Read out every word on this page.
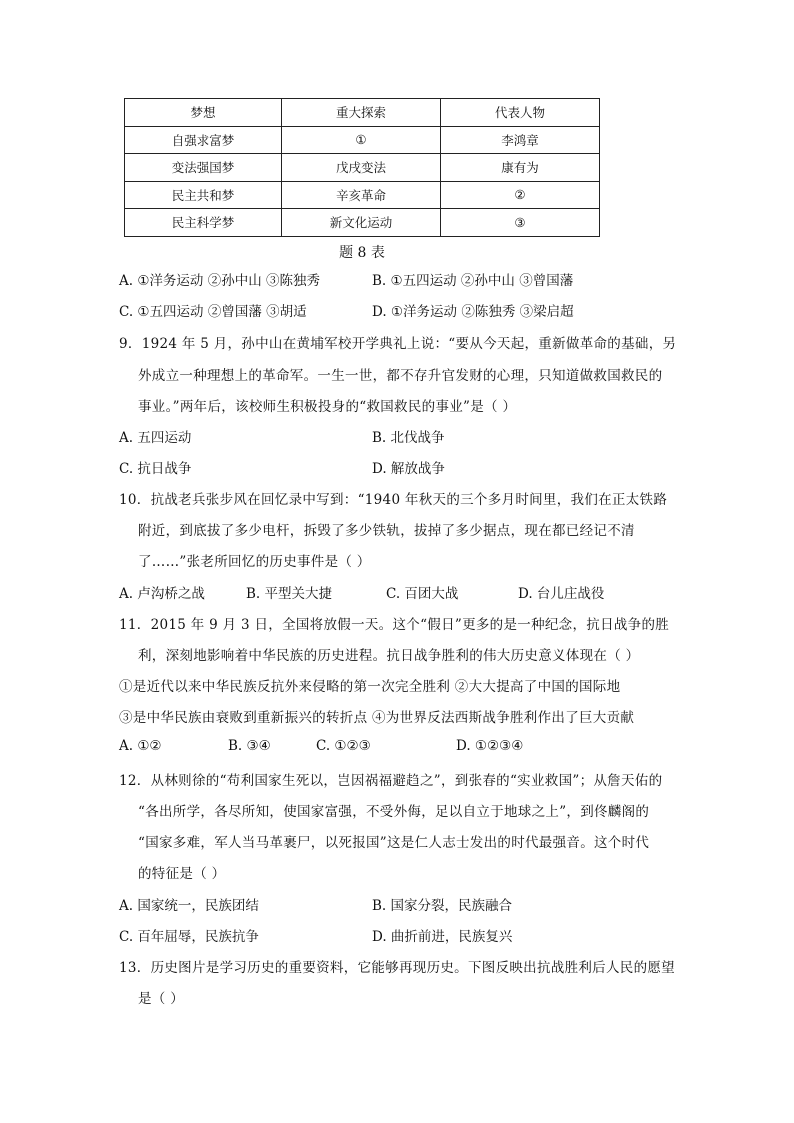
梦想	重大探索	代表人物
自强求富梦	①	李鸿章
变法强国梦	戊戌变法	康有为
民主共和梦	辛亥革命	②
民主科学梦	新文化运动	③
题 8 表
A. ①洋务运动 ②孙中山 ③陈独秀	B. ①五四运动 ②孙中山 ③曾国藩
C. ①五四运动 ②曾国藩 ③胡适	D. ①洋务运动 ②陈独秀 ③梁启超
9．1924 年 5 月，孙中山在黄埔军校开学典礼上说：“要从今天起，重新做革命的基础，另
外成立一种理想上的革命军。一生一世，都不存升官发财的心理，只知道做救国救民的
事业。”两年后，该校师生积极投身的“救国救民的事业”是（ ）
A. 五四运动	B. 北伐战争
C. 抗日战争	D. 解放战争
10．抗战老兵张步风在回忆录中写到：“1940 年秋天的三个多月时间里，我们在正太铁路
附近，到底拔了多少电杆，拆毁了多少铁轨，拔掉了多少据点，现在都已经记不清
了……”张老所回忆的历史事件是（ ）
A. 卢沟桥之战	B. 平型关大捷	C. 百团大战	D. 台儿庄战役
11．2015 年 9 月 3 日，全国将放假一天。这个“假日”更多的是一种纪念，抗日战争的胜
利，深刻地影响着中华民族的历史进程。抗日战争胜利的伟大历史意义体现在（ ）
①是近代以来中华民族反抗外来侵略的第一次完全胜利 ②大大提高了中国的国际地
③是中华民族由衰败到重新振兴的转折点 ④为世界反法西斯战争胜利作出了巨大贡献
A. ①②	B. ③④	C. ①②③	D. ①②③④
12．从林则徐的“苟利国家生死以，岂因祸福避趋之”，到张春的“实业救国”；从詹天佑的
“各出所学，各尽所知，使国家富强，不受外侮，足以自立于地球之上”，到佟麟阁的
“国家多难，军人当马革裹尸，以死报国”这是仁人志士发出的时代最强音。这个时代
的特征是（ ）
A. 国家统一，民族团结	B. 国家分裂，民族融合
C. 百年屈辱，民族抗争	D. 曲折前进，民族复兴
13．历史图片是学习历史的重要资料，它能够再现历史。下图反映出抗战胜利后人民的愿望
是（ ）
